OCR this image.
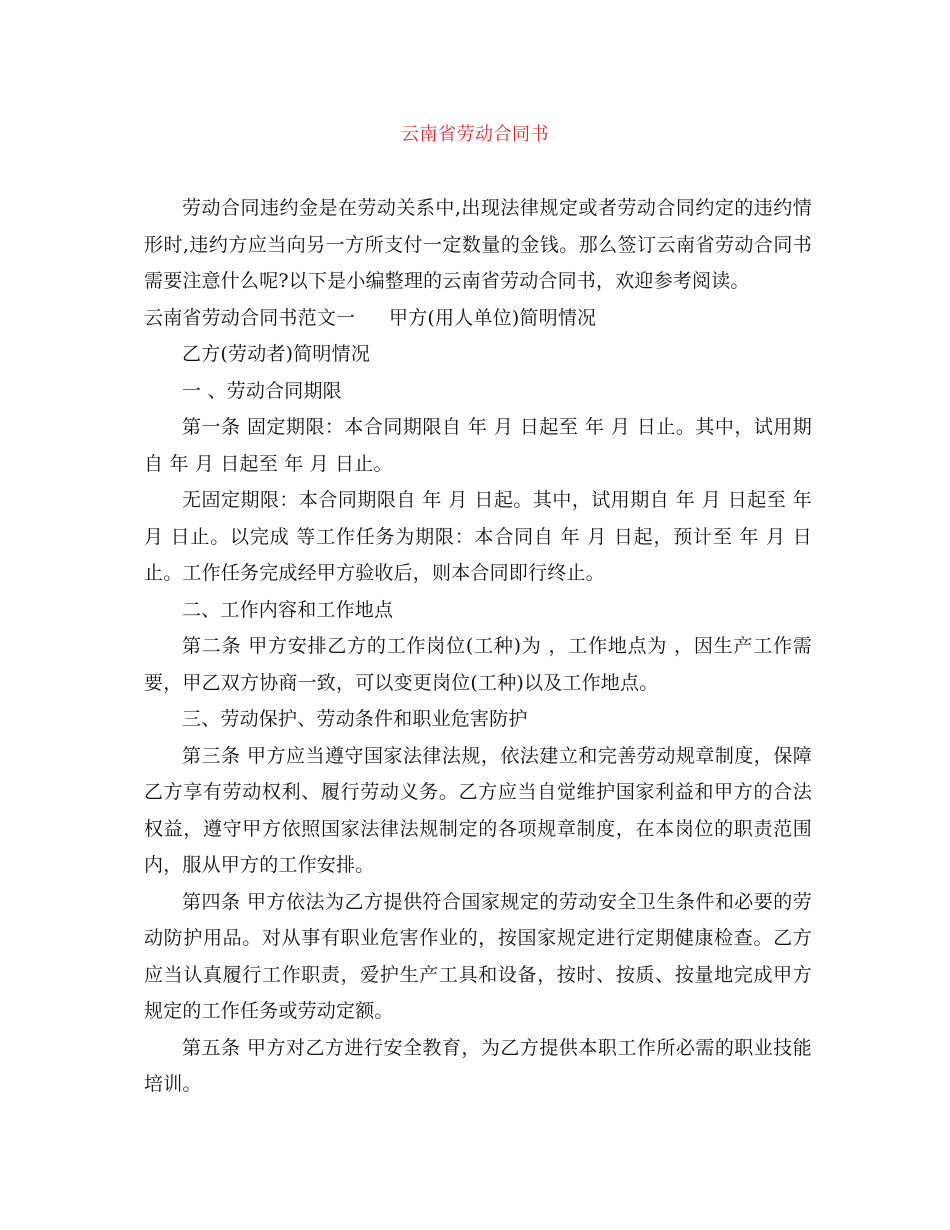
云南省劳动合同书

劳动合同违约金是在劳动关系中,出现法律规定或者劳动合同约定的违约情形时,违约方应当向另一方所支付一定数量的金钱。那么签订云南省劳动合同书需要注意什么呢?以下是小编整理的云南省劳动合同书，欢迎参考阅读。

云南省劳动合同书范文一	甲方(用人单位)简明情况

乙方(劳动者)简明情况

一 、劳动合同期限

第一条 固定期限：本合同期限自 年 月 日起至 年 月 日止。其中，试用期自 年 月 日起至 年 月 日止。

无固定期限：本合同期限自 年 月 日起。其中，试用期自 年 月 日起至 年 月 日止。以完成 等工作任务为期限：本合同自 年 月 日起，预计至 年 月 日止。工作任务完成经甲方验收后，则本合同即行终止。

二、工作内容和工作地点

第二条 甲方安排乙方的工作岗位(工种)为 ，工作地点为 ，因生产工作需要，甲乙双方协商一致，可以变更岗位(工种)以及工作地点。

三、劳动保护、劳动条件和职业危害防护

第三条 甲方应当遵守国家法律法规，依法建立和完善劳动规章制度，保障乙方享有劳动权利、履行劳动义务。乙方应当自觉维护国家利益和甲方的合法权益，遵守甲方依照国家法律法规制定的各项规章制度，在本岗位的职责范围内，服从甲方的工作安排。

第四条 甲方依法为乙方提供符合国家规定的劳动安全卫生条件和必要的劳动防护用品。对从事有职业危害作业的，按国家规定进行定期健康检查。乙方应当认真履行工作职责，爱护生产工具和设备，按时、按质、按量地完成甲方规定的工作任务或劳动定额。

第五条 甲方对乙方进行安全教育，为乙方提供本职工作所必需的职业技能培训。
